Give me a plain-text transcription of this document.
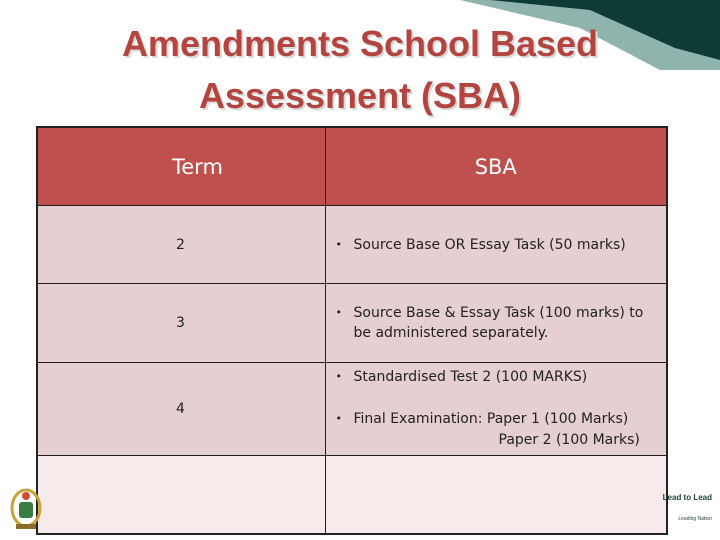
Amendments School Based
Assessment (SBA)
Term	SBA
2	• Source Base OR Essay Task (50 marks)

3	• Source Base & Essay Task (100 marks) to be administered separately.

4	• Standardised Test 2 (100 MARKS)
• Final Examination: Paper 1 (100 Marks)
Paper 2 (100 Marks)

Lead to Lead
Leading Nation
